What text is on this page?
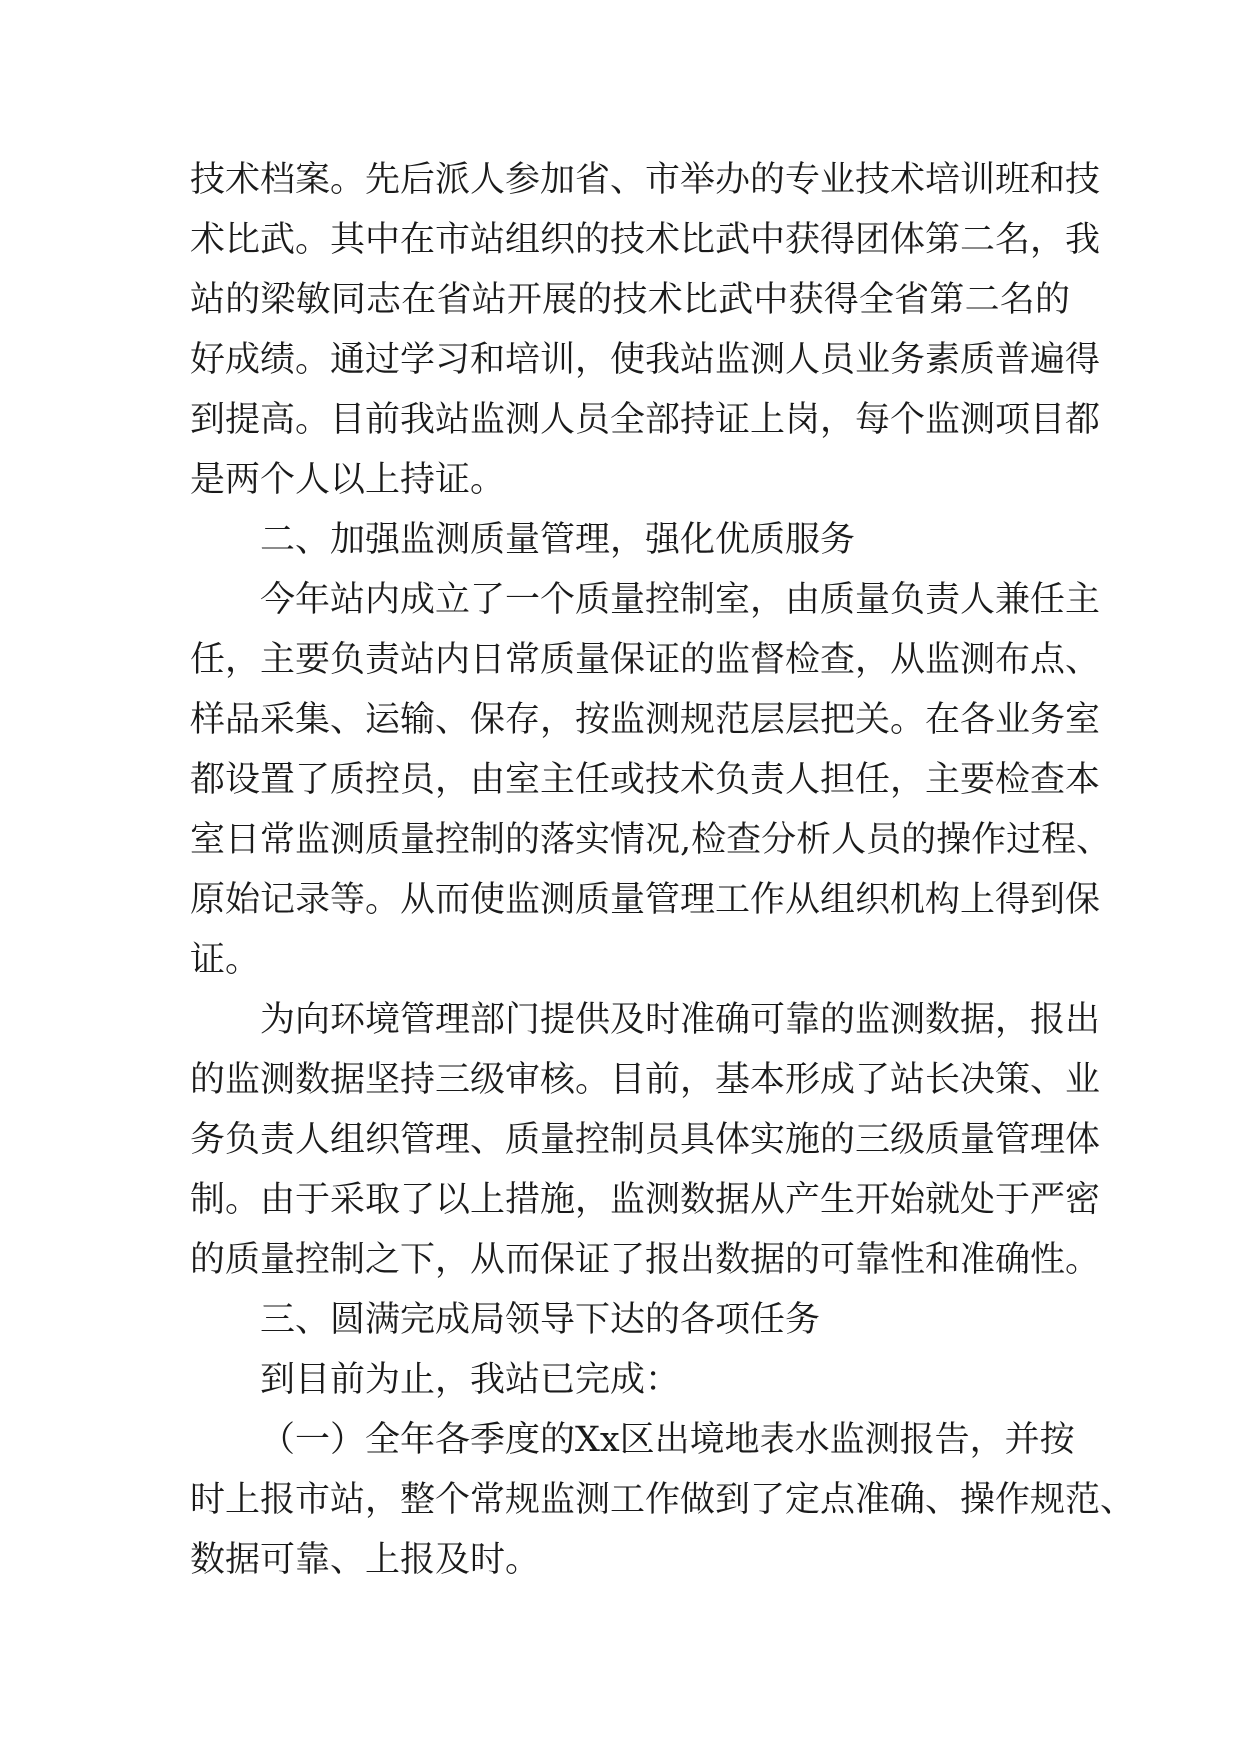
技术档案。先后派人参加省、市举办的专业技术培训班和技
术比武。其中在市站组织的技术比武中获得团体第二名，我
站的梁敏同志在省站开展的技术比武中获得全省第二名的
好成绩。通过学习和培训，使我站监测人员业务素质普遍得
到提高。目前我站监测人员全部持证上岗，每个监测项目都
是两个人以上持证。
二、加强监测质量管理，强化优质服务
今年站内成立了一个质量控制室，由质量负责人兼任主
任，主要负责站内日常质量保证的监督检查，从监测布点、
样品采集、运输、保存，按监测规范层层把关。在各业务室
都设置了质控员，由室主任或技术负责人担任，主要检查本
室日常监测质量控制的落实情况,检查分析人员的操作过程、
原始记录等。从而使监测质量管理工作从组织机构上得到保
证。
为向环境管理部门提供及时准确可靠的监测数据，报出
的监测数据坚持三级审核。目前，基本形成了站长决策、业
务负责人组织管理、质量控制员具体实施的三级质量管理体
制。由于采取了以上措施，监测数据从产生开始就处于严密
的质量控制之下，从而保证了报出数据的可靠性和准确性。
三、圆满完成局领导下达的各项任务
到目前为止，我站已完成：
（一）全年各季度的Xx区出境地表水监测报告，并按
时上报市站，整个常规监测工作做到了定点准确、操作规范、
数据可靠、上报及时。
